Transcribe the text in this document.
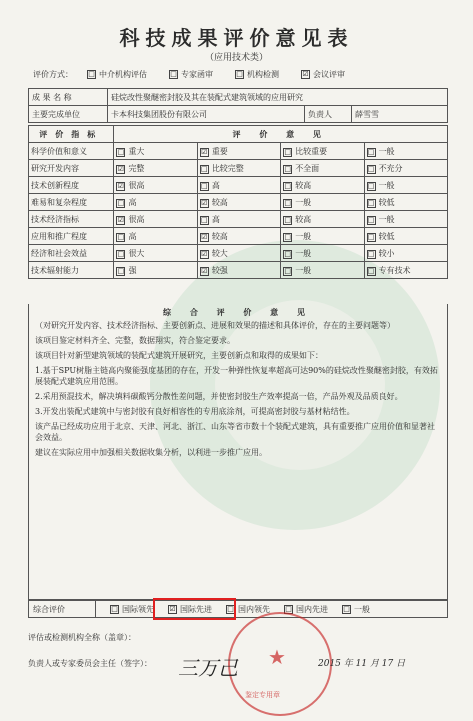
科技成果评价意见表
（应用技术类）
评价方式：	□ 中介机构评估	□ 专家函审	□ 机构检测	☑ 会议评审
成 果 名 称	硅烷改性聚醚密封胶及其在装配式建筑领域的应用研究		
主要完成单位	卡本科技集团股份有限公司	负责人	薛雪雪
评价指标	评 价 意 见			
科学价值和意义	□ 重大	☑ 重要	□ 比较重要	□ 一般
研究开发内容	☑ 完整	□ 比较完整	□ 不全面	□ 不充分
技术创新程度	☑ 很高	□ 高	□ 较高	□ 一般
难易和复杂程度	□ 高	☑ 较高	□ 一般	□ 较低
技术经济指标	☑ 很高	□ 高	□ 较高	□ 一般
应用和推广程度	□ 高	☑ 较高	□ 一般	□ 较低
经济和社会效益	□ 很大	☑ 较大	□ 一般	□ 较小
技术辐射能力	□ 强	☑ 较强	□ 一般	□ 专有技术
综 合 评 价 意 见

（对研究开发内容、技术经济指标、主要创新点、进展和效果的描述和具体评价，存在的主要问题等）

该项目鉴定材料齐全、完整，数据翔实，符合鉴定要求。

该项目针对新型建筑领域的装配式建筑开展研究，主要创新点和取得的成果如下：

1.基于SPU树脂主链高内聚能强度基团的存在，开发一种弹性恢复率超高可达90%的硅烷改性聚醚密封胶，有效拓展装配式建筑应用范围。

2.采用预混技术，解决填料碳酸钙分散性差问题，并使密封胶生产效率提高一倍，产品外观及品质良好。

3.开发出装配式建筑中与密封胶有良好相容性的专用底涂剂，可提高密封胶与基材粘结性。

该产品已经成功应用于北京、天津、河北、浙江、山东等省市数十个装配式建筑，具有重要推广应用价值和显著社会效益。

建议在实际应用中加强相关数据收集分析，以利进一步推广应用。

综合评价	□ 国际领先 ☑ 国际先进 □ 国内领先 □ 国内先进 □ 一般
评估或检测机构全称（盖章）：
负责人或专家委员会主任（签字）：	★
鉴定专用章
三万己	2015 年 11 月 17 日
